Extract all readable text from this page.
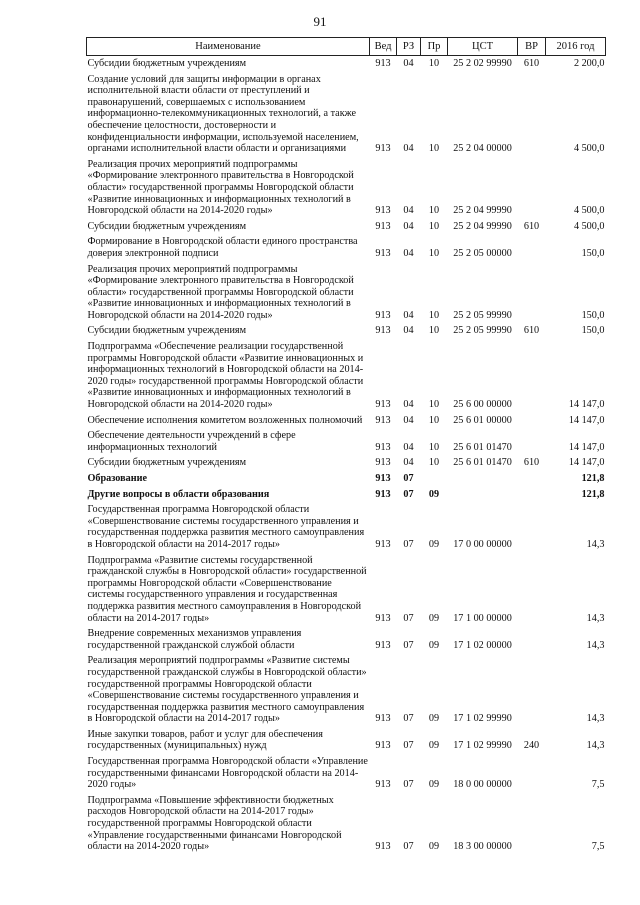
91
Наименование	Вед	РЗ	Пр	ЦСТ	ВР	2016 год
Субсидии бюджетным учреждениям	913	04	10	25 2 02 99990	610	2 200,0
Создание условий для защиты информации в органах исполнительной власти области от преступлений и правонарушений, совершаемых с использованием информационно-телекоммуникационных технологий, а также обеспечение целостности, достоверности и конфиденциальности информации, используемой населением, органами исполнительной власти области и организациями	913	04	10	25 2 04 00000		4 500,0
Реализация прочих мероприятий подпрограммы «Формирование электронного правительства в Новгородской области» государственной программы Новгородской области «Развитие инновационных и информационных технологий в Новгородской области на 2014-2020 годы»	913	04	10	25 2 04 99990		4 500,0
Субсидии бюджетным учреждениям	913	04	10	25 2 04 99990	610	4 500,0
Формирование в Новгородской области единого пространства доверия электронной подписи	913	04	10	25 2 05 00000		150,0
Реализация прочих мероприятий подпрограммы «Формирование электронного правительства в Новгородской области» государственной программы Новгородской области «Развитие инновационных и информационных технологий в Новгородской области на 2014-2020 годы»	913	04	10	25 2 05 99990		150,0
Субсидии бюджетным учреждениям	913	04	10	25 2 05 99990	610	150,0
Подпрограмма «Обеспечение реализации государственной программы Новгородской области «Развитие инновационных и информационных технологий в Новгородской области на 2014-2020 годы» государственной программы Новгородской области «Развитие инновационных и информационных технологий в Новгородской области на 2014-2020 годы»	913	04	10	25 6 00 00000		14 147,0
Обеспечение исполнения комитетом возложенных полномочий	913	04	10	25 6 01 00000		14 147,0
Обеспечение деятельности учреждений в сфере информационных технологий	913	04	10	25 6 01 01470		14 147,0
Субсидии бюджетным учреждениям	913	04	10	25 6 01 01470	610	14 147,0
Образование	913	07				121,8
Другие вопросы в области образования	913	07	09			121,8
Государственная программа Новгородской области «Совершенствование системы государственного управления и государственная поддержка развития местного самоуправления в Новгородской области на 2014-2017 годы»	913	07	09	17 0 00 00000		14,3
Подпрограмма «Развитие системы государственной гражданской службы в Новгородской области» государственной программы Новгородской области «Совершенствование системы государственного управления и государственная поддержка развития местного самоуправления в Новгородской области на 2014-2017 годы»	913	07	09	17 1 00 00000		14,3
Внедрение современных механизмов управления государственной гражданской службой области	913	07	09	17 1 02 00000		14,3
Реализация мероприятий подпрограммы «Развитие системы государственной гражданской службы в Новгородской области» государственной программы Новгородской области «Совершенствование системы государственного управления и государственная поддержка развития местного самоуправления в Новгородской области на 2014-2017 годы»	913	07	09	17 1 02 99990		14,3
Иные закупки товаров, работ и услуг для обеспечения государственных (муниципальных) нужд	913	07	09	17 1 02 99990	240	14,3
Государственная программа Новгородской области «Управление государственными финансами Новгородской области на 2014-2020 годы»	913	07	09	18 0 00 00000		7,5
Подпрограмма «Повышение эффективности бюджетных расходов Новгородской области на 2014-2017 годы» государственной программы Новгородской области «Управление государственными финансами Новгородской области на 2014-2020 годы»	913	07	09	18 3 00 00000		7,5
